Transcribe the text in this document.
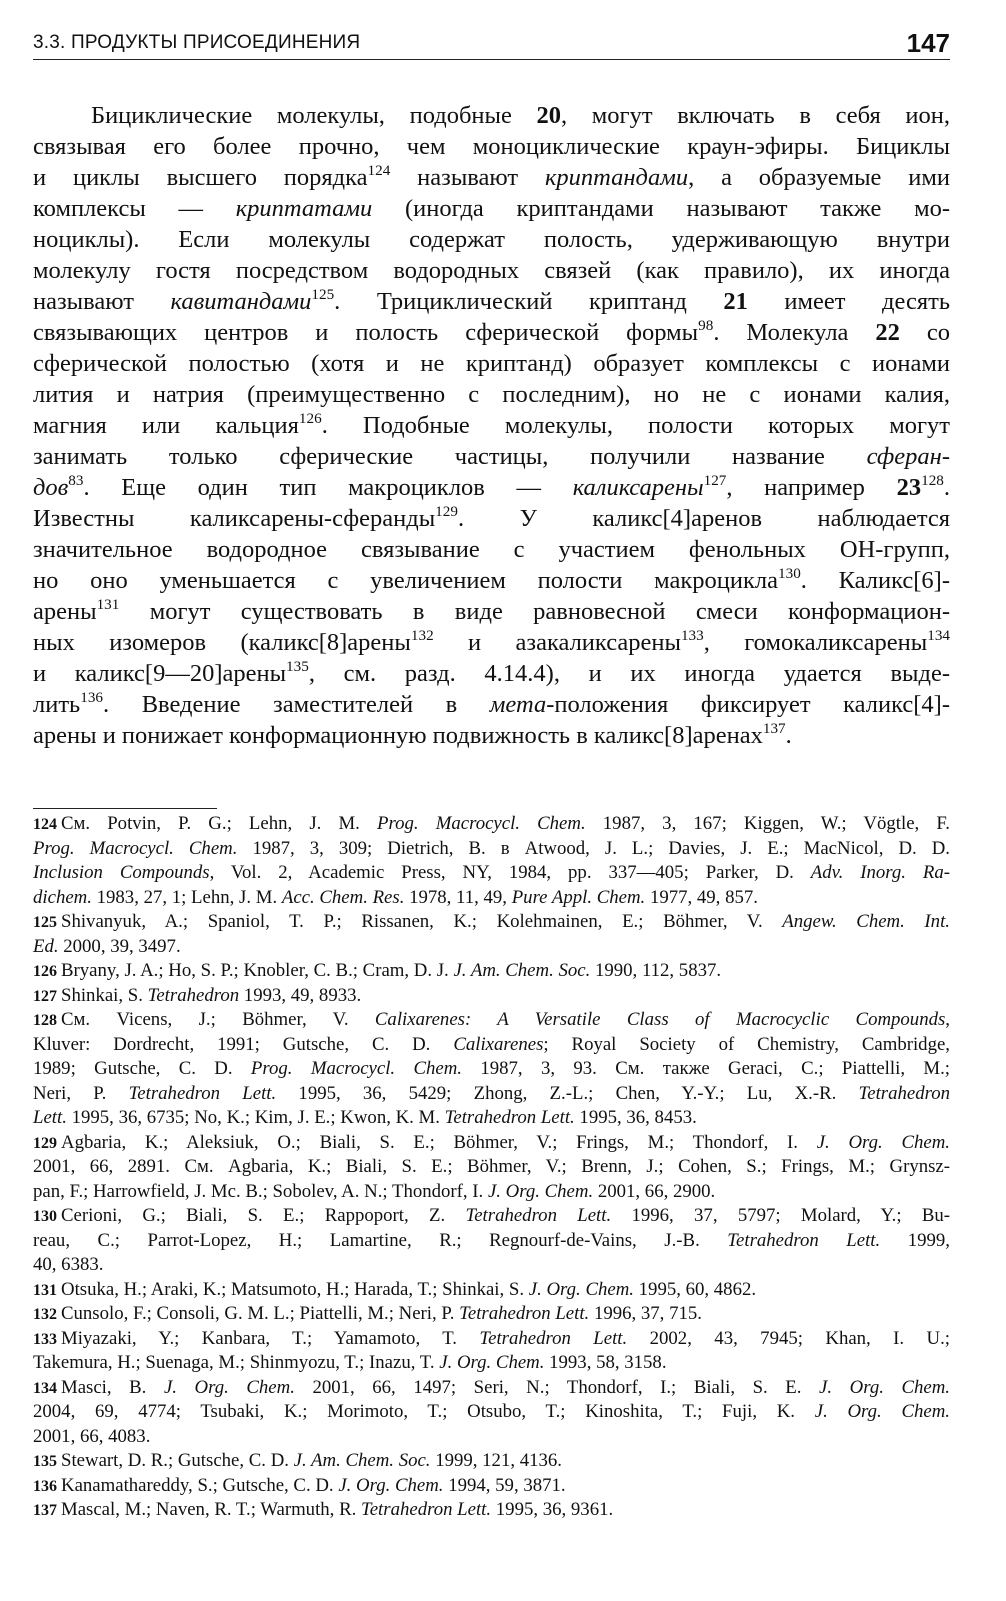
3.3. ПРОДУКТЫ ПРИСОЕДИНЕНИЯ	147
Бициклические молекулы, подобные 20, могут включать в себя ион,
связывая его более прочно, чем моноциклические краун-эфиры. Бициклы
и циклы высшего порядка$^{124}$ называют криптандами, а образуемые ими
комплексы — криптатами (иногда криптандами называют также мо-
ноциклы). Если молекулы содержат полость, удерживающую внутри
молекулу гостя посредством водородных связей (как правило), их иногда
называют кавитандами$^{125}$. Трициклический криптанд 21 имеет десять
связывающих центров и полость сферической формы$^{98}$. Молекула 22 со
сферической полостью (хотя и не криптанд) образует комплексы с ионами
лития и натрия (преимущественно с последним), но не с ионами калия,
магния или кальция$^{126}$. Подобные молекулы, полости которых могут
занимать только сферические частицы, получили название сферан-
дов$^{83}$. Еще один тип макроциклов — каликсарены$^{127}$, например $23^{128}$.
Известны каликсарены-сферанды$^{129}$. У каликс[4]аренов наблюдается
значительное водородное связывание с участием фенольных ОН-групп,
но оно уменьшается с увеличением полости макроцикла$^{130}$. Каликс[6]-
арены$^{131}$ могут существовать в виде равновесной смеси конформацион-
ных изомеров (каликс[8]арены$^{132}$ и азакаликсарены$^{133}$, гомокаликсарены$^{134}$
и каликс[9—20]арены$^{135}$, см. разд. 4.14.4), и их иногда удается выде-
лить$^{136}$. Введение заместителей в мета-положения фиксирует каликс[4]-
арены и понижает конформационную подвижность в каликс[8]аренах$^{137}$.
124 См. Potvin, P. G.; Lehn, J. M. Prog. Macrocycl. Chem. 1987, 3, 167; Kiggen, W.; Vögtle, F.
Prog. Macrocycl. Chem. 1987, 3, 309; Dietrich, B. в Atwood, J. L.; Davies, J. E.; MacNicol, D. D.
Inclusion Compounds, Vol. 2, Academic Press, NY, 1984, pp. 337—405; Parker, D. Adv. Inorg. Ra-
dichem. 1983, 27, 1; Lehn, J. M. Acc. Chem. Res. 1978, 11, 49, Pure Appl. Chem. 1977, 49, 857.
125 Shivanyuk, A.; Spaniol, T. P.; Rissanen, K.; Kolehmainen, E.; Böhmer, V. Angew. Chem. Int.
Ed. 2000, 39, 3497.
126 Bryany, J. A.; Ho, S. P.; Knobler, C. B.; Cram, D. J. J. Am. Chem. Soc. 1990, 112, 5837.
127 Shinkai, S. Tetrahedron 1993, 49, 8933.
128 См. Vicens, J.; Böhmer, V. Calixarenes: A Versatile Class of Macrocyclic Compounds,
Kluver: Dordrecht, 1991; Gutsche, C. D. Calixarenes; Royal Society of Chemistry, Cambridge,
1989; Gutsche, C. D. Prog. Macrocycl. Chem. 1987, 3, 93. См. также Geraci, C.; Piattelli, M.;
Neri, P. Tetrahedron Lett. 1995, 36, 5429; Zhong, Z.-L.; Chen, Y.-Y.; Lu, X.-R. Tetrahedron
Lett. 1995, 36, 6735; No, K.; Kim, J. E.; Kwon, K. M. Tetrahedron Lett. 1995, 36, 8453.
129 Agbaria, K.; Aleksiuk, O.; Biali, S. E.; Böhmer, V.; Frings, M.; Thondorf, I. J. Org. Chem.
2001, 66, 2891. См. Agbaria, K.; Biali, S. E.; Böhmer, V.; Brenn, J.; Cohen, S.; Frings, M.; Grynsz-
pan, F.; Harrowfield, J. Mc. B.; Sobolev, A. N.; Thondorf, I. J. Org. Chem. 2001, 66, 2900.
130 Cerioni, G.; Biali, S. E.; Rappoport, Z. Tetrahedron Lett. 1996, 37, 5797; Molard, Y.; Bu-
reau, C.; Parrot-Lopez, H.; Lamartine, R.; Regnourf-de-Vains, J.-B. Tetrahedron Lett. 1999,
40, 6383.
131 Otsuka, H.; Araki, K.; Matsumoto, H.; Harada, T.; Shinkai, S. J. Org. Chem. 1995, 60, 4862.
132 Cunsolo, F.; Consoli, G. M. L.; Piattelli, M.; Neri, P. Tetrahedron Lett. 1996, 37, 715.
133 Miyazaki, Y.; Kanbara, T.; Yamamoto, T. Tetrahedron Lett. 2002, 43, 7945; Khan, I. U.;
Takemura, H.; Suenaga, M.; Shinmyozu, T.; Inazu, T. J. Org. Chem. 1993, 58, 3158.
134 Masci, B. J. Org. Chem. 2001, 66, 1497; Seri, N.; Thondorf, I.; Biali, S. E. J. Org. Chem.
2004, 69, 4774; Tsubaki, K.; Morimoto, T.; Otsubo, T.; Kinoshita, T.; Fuji, K. J. Org. Chem.
2001, 66, 4083.
135 Stewart, D. R.; Gutsche, C. D. J. Am. Chem. Soc. 1999, 121, 4136.
136 Kanamathareddy, S.; Gutsche, C. D. J. Org. Chem. 1994, 59, 3871.
137 Mascal, M.; Naven, R. T.; Warmuth, R. Tetrahedron Lett. 1995, 36, 9361.
